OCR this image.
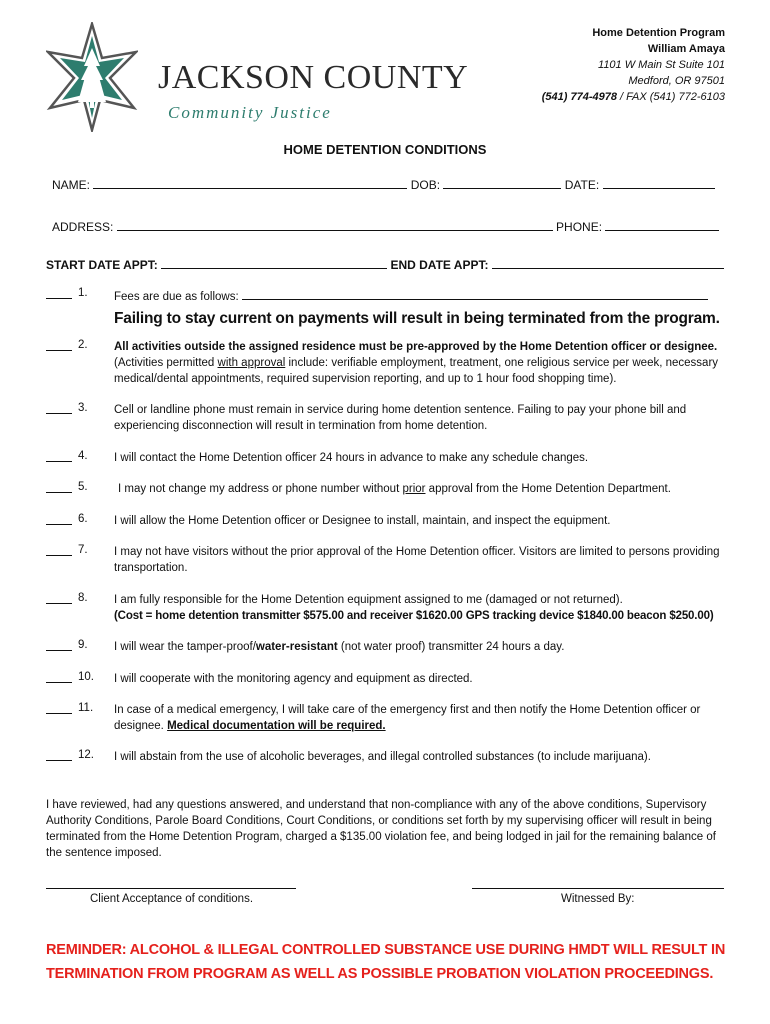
JACKSON COUNTY
Community Justice
Home Detention Program
William Amaya
1101 W Main St Suite 101
Medford, OR 97501
(541) 774-4978 / FAX (541) 772-6103
HOME DETENTION CONDITIONS
NAME:	DOB:	DATE:
ADDRESS:	PHONE:
START DATE APPT:	END DATE APPT:
1. Fees are due as follows:
Failing to stay current on payments will result in being terminated from the program.
2. All activities outside the assigned residence must be pre-approved by the Home Detention officer or designee.
(Activities permitted with approval include: verifiable employment, treatment, one religious service per week, necessary medical/dental appointments, required supervision reporting, and up to 1 hour food shopping time).
3. Cell or landline phone must remain in service during home detention sentence. Failing to pay your phone bill and experiencing disconnection will result in termination from home detention.
4. I will contact the Home Detention officer 24 hours in advance to make any schedule changes.
5.	I may not change my address or phone number without prior approval from the Home Detention Department.
6. I will allow the Home Detention officer or Designee to install, maintain, and inspect the equipment.
7. I may not have visitors without the prior approval of the Home Detention officer. Visitors are limited to persons providing transportation.
8. I am fully responsible for the Home Detention equipment assigned to me (damaged or not returned).
(Cost = home detention transmitter $575.00 and receiver $1620.00 GPS tracking device $1840.00 beacon $250.00)
9. I will wear the tamper-proof/water-resistant (not water proof) transmitter 24 hours a day.
10. I will cooperate with the monitoring agency and equipment as directed.
11. In case of a medical emergency, I will take care of the emergency first and then notify the Home Detention officer or designee. Medical documentation will be required.
12. I will abstain from the use of alcoholic beverages, and illegal controlled substances (to include marijuana).
I have reviewed, had any questions answered, and understand that non-compliance with any of the above conditions, Supervisory Authority Conditions, Parole Board Conditions, Court Conditions, or conditions set forth by my supervising officer will result in being terminated from the Home Detention Program, charged a $135.00 violation fee, and being lodged in jail for the remaining balance of the sentence imposed.
Client Acceptance of conditions.	Witnessed By:
REMINDER: ALCOHOL & ILLEGAL CONTROLLED SUBSTANCE USE DURING HMDT WILL RESULT IN TERMINATION FROM PROGRAM AS WELL AS POSSIBLE PROBATION VIOLATION PROCEEDINGS.
